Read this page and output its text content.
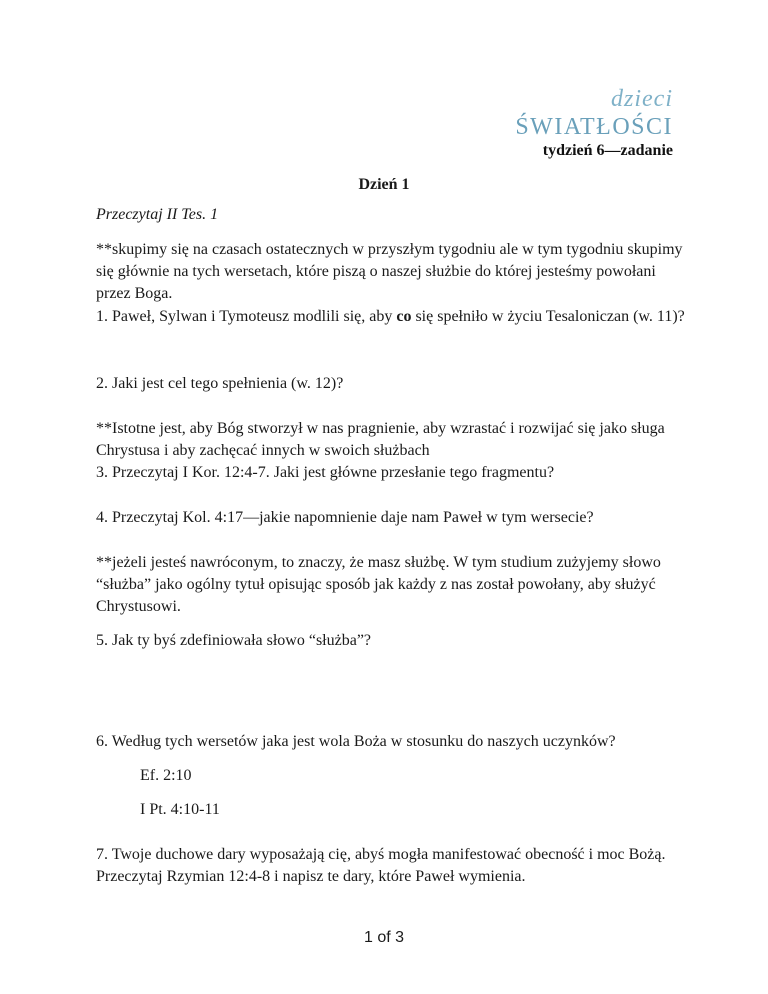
dzieci
ŚWIATŁOŚCI
tydzień 6—zadanie
Dzień 1
Przeczytaj II Tes. 1
**skupimy się na czasach ostatecznych w przyszłym tygodniu ale w tym tygodniu skupimy się głównie na tych wersetach, które piszą o naszej służbie do której jesteśmy powołani przez Boga.
1. Paweł, Sylwan i Tymoteusz modlili się, aby co się spełniło w życiu Tesaloniczan (w. 11)?
2. Jaki jest cel tego spełnienia (w. 12)?
**Istotne jest, aby Bóg stworzył w nas pragnienie, aby wzrastać i rozwijać się jako sługa Chrystusa i aby zachęcać innych w swoich służbach
3. Przeczytaj I Kor. 12:4-7. Jaki jest główne przesłanie tego fragmentu?
4. Przeczytaj Kol. 4:17—jakie napomnienie daje nam Paweł w tym wersecie?
**jeżeli jesteś nawróconym, to znaczy, że masz służbę. W tym studium zużyjemy słowo “służba” jako ogólny tytuł opisując sposób jak każdy z nas został powołany, aby służyć Chrystusowi.
5. Jak ty byś zdefiniowała słowo “służba”?
6. Według tych wersetów jaka jest wola Boża w stosunku do naszych uczynków?
Ef. 2:10
I Pt. 4:10-11
7. Twoje duchowe dary wyposażają cię, abyś mogła manifestować obecność i moc Bożą. Przeczytaj Rzymian 12:4-8 i napisz te dary, które Paweł wymienia.
1 of 3
